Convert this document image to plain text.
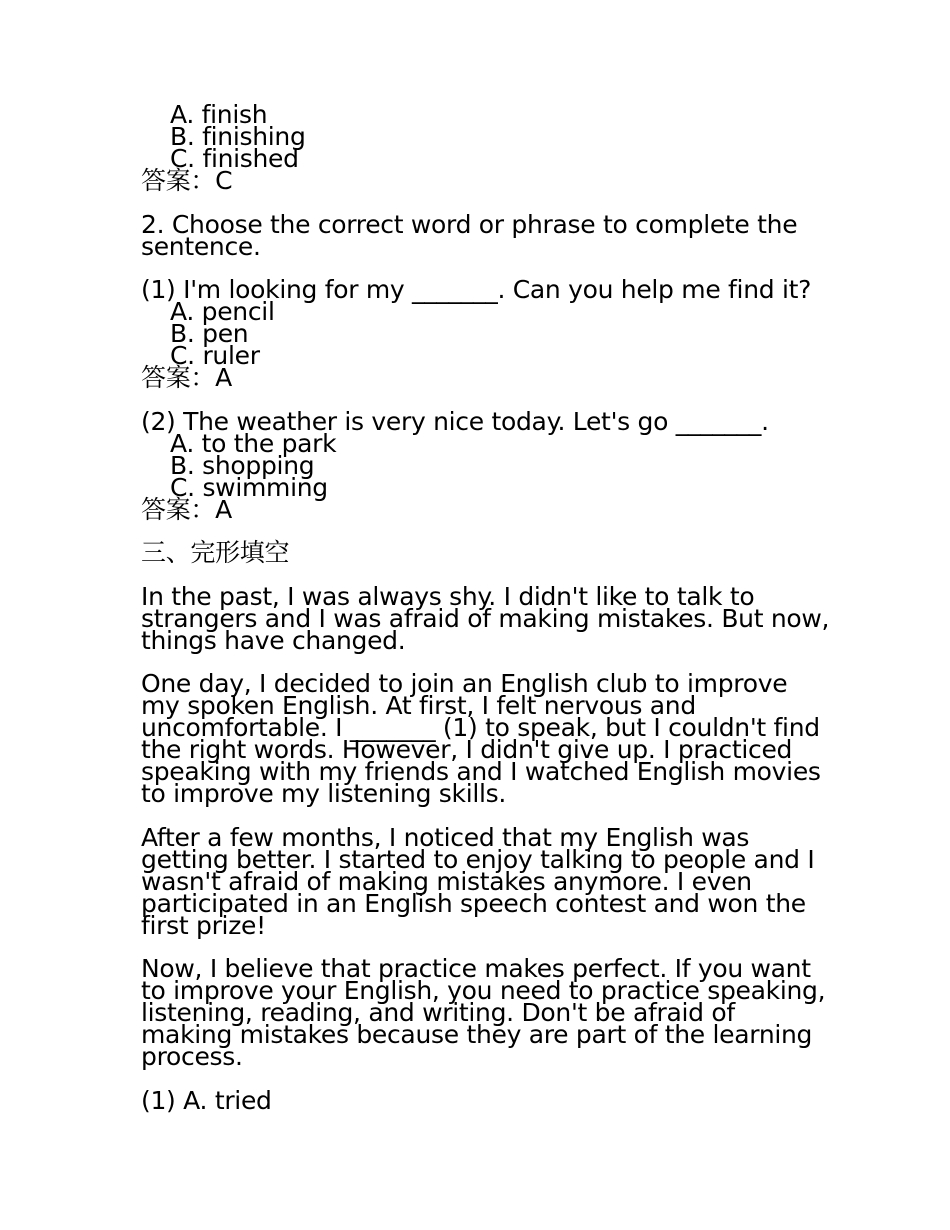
A. finish
B. finishing
C. finished
答案：C
2. Choose the correct word or phrase to complete the
sentence.
(1) I'm looking for my _______. Can you help me find it?
A. pencil
B. pen
C. ruler
答案：A
(2) The weather is very nice today. Let's go _______.
A. to the park
B. shopping
C. swimming
答案：A
三、完形填空
In the past, I was always shy. I didn't like to talk to
strangers and I was afraid of making mistakes. But now,
things have changed.
One day, I decided to join an English club to improve
my spoken English. At first, I felt nervous and
uncomfortable. I _______ (1) to speak, but I couldn't find
the right words. However, I didn't give up. I practiced
speaking with my friends and I watched English movies
to improve my listening skills.
After a few months, I noticed that my English was
getting better. I started to enjoy talking to people and I
wasn't afraid of making mistakes anymore. I even
participated in an English speech contest and won the
first prize!
Now, I believe that practice makes perfect. If you want
to improve your English, you need to practice speaking,
listening, reading, and writing. Don't be afraid of
making mistakes because they are part of the learning
process.
(1) A. tried
